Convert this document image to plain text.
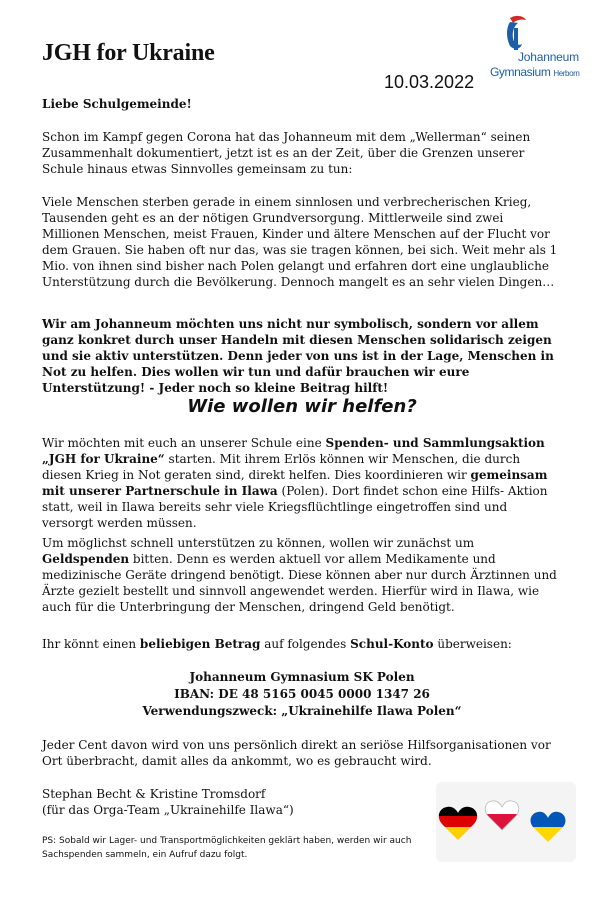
JGH for Ukraine
10.03.2022
Johanneum
Gymnasium Herborn
Liebe Schulgemeinde!
Schon im Kampf gegen Corona hat das Johanneum mit dem „Wellerman“ seinen Zusammenhalt dokumentiert, jetzt ist es an der Zeit, über die Grenzen unserer Schule hinaus etwas Sinnvolles gemeinsam zu tun:
Viele Menschen sterben gerade in einem sinnlosen und verbrecherischen Krieg, Tausenden geht es an der nötigen Grundversorgung. Mittlerweile sind zwei Millionen Menschen, meist Frauen, Kinder und ältere Menschen auf der Flucht vor dem Grauen. Sie haben oft nur das, was sie tragen können, bei sich. Weit mehr als 1 Mio. von ihnen sind bisher nach Polen gelangt und erfahren dort eine unglaubliche Unterstützung durch die Bevölkerung. Dennoch mangelt es an sehr vielen Dingen…
Wir am Johanneum möchten uns nicht nur symbolisch, sondern vor allem ganz konkret durch unser Handeln mit diesen Menschen solidarisch zeigen und sie aktiv unterstützen. Denn jeder von uns ist in der Lage, Menschen in Not zu helfen. Dies wollen wir tun und dafür brauchen wir eure Unterstützung! - Jeder noch so kleine Beitrag hilft!
Wie wollen wir helfen?
Wir möchten mit euch an unserer Schule eine Spenden- und Sammlungsaktion „JGH for Ukraine“ starten. Mit ihrem Erlös können wir Menschen, die durch diesen Krieg in Not geraten sind, direkt helfen. Dies koordinieren wir gemeinsam mit unserer Partnerschule in Ilawa (Polen). Dort findet schon eine Hilfs- Aktion statt, weil in Ilawa bereits sehr viele Kriegsflüchtlinge eingetroffen sind und versorgt werden müssen.
Um möglichst schnell unterstützen zu können, wollen wir zunächst um Geldspenden bitten. Denn es werden aktuell vor allem Medikamente und medizinische Geräte dringend benötigt. Diese können aber nur durch Ärztinnen und Ärzte gezielt bestellt und sinnvoll angewendet werden. Hierfür wird in Ilawa, wie auch für die Unterbringung der Menschen, dringend Geld benötigt.
Ihr könnt einen beliebigen Betrag auf folgendes Schul-Konto überweisen:
Johanneum Gymnasium SK Polen
IBAN: DE 48 5165 0045 0000 1347 26
Verwendungszweck: „Ukrainehilfe Ilawa Polen“
Jeder Cent davon wird von uns persönlich direkt an seriöse Hilfsorganisationen vor Ort überbracht, damit alles da ankommt, wo es gebraucht wird.
Stephan Becht & Kristine Tromsdorf
(für das Orga-Team „Ukrainehilfe Ilawa“)
PS: Sobald wir Lager- und Transportmöglichkeiten geklärt haben, werden wir auch Sachspenden sammeln, ein Aufruf dazu folgt.
